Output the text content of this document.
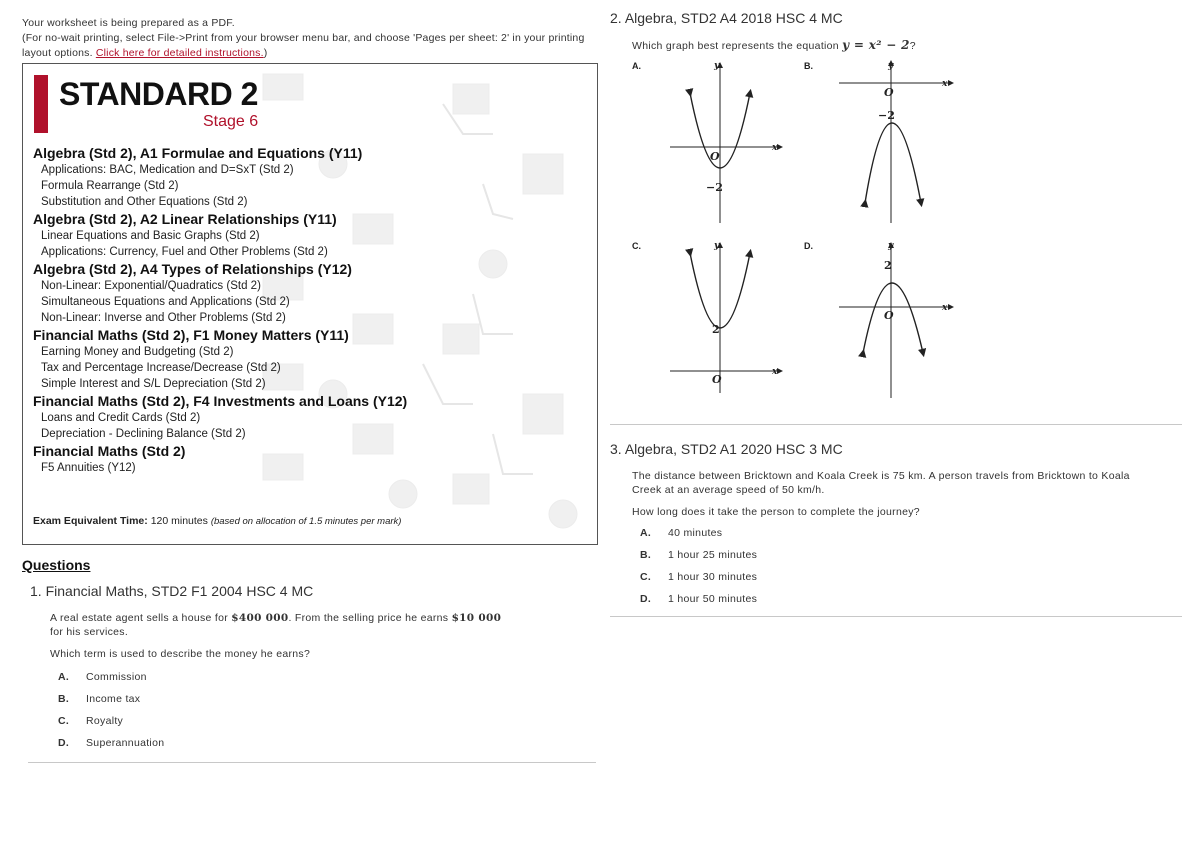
Your worksheet is being prepared as a PDF.
(For no-wait printing, select File->Print from your browser menu bar, and choose 'Pages per sheet: 2' in your printing layout options. Click here for detailed instructions.)
STANDARD 2
Stage 6
Algebra (Std 2), A1 Formulae and Equations (Y11)
Applications: BAC, Medication and D=SxT (Std 2)
Formula Rearrange (Std 2)
Substitution and Other Equations (Std 2)
Algebra (Std 2), A2 Linear Relationships (Y11)
Linear Equations and Basic Graphs (Std 2)
Applications: Currency, Fuel and Other Problems (Std 2)
Algebra (Std 2), A4 Types of Relationships (Y12)
Non-Linear: Exponential/Quadratics (Std 2)
Simultaneous Equations and Applications (Std 2)
Non-Linear: Inverse and Other Problems (Std 2)
Financial Maths (Std 2), F1 Money Matters (Y11)
Earning Money and Budgeting (Std 2)
Tax and Percentage Increase/Decrease (Std 2)
Simple Interest and S/L Depreciation (Std 2)
Financial Maths (Std 2), F4 Investments and Loans (Y12)
Loans and Credit Cards (Std 2)
Depreciation - Declining Balance (Std 2)
Financial Maths (Std 2)
F5 Annuities (Y12)
Exam Equivalent Time: 120 minutes (based on allocation of 1.5 minutes per mark)
Questions
1. Financial Maths, STD2 F1 2004 HSC 4 MC
A real estate agent sells a house for $400 000. From the selling price he earns $10 000
for his services.
Which term is used to describe the money he earns?
A.	Commission
B.	Income tax
C.	Royalty
D.	Superannuation
2. Algebra, STD2 A4 2018 HSC 4 MC
Which graph best represents the equation y = x² − 2?
A.	y
x
O
−2
B.	y
x
O
−2
C.	y
x
O
2
D.	y
x
O
2
3. Algebra, STD2 A1 2020 HSC 3 MC
The distance between Bricktown and Koala Creek is 75 km. A person travels from Bricktown to Koala Creek at an average speed of 50 km/h.
How long does it take the person to complete the journey?
A.	40 minutes
B.	1 hour 25 minutes
C.	1 hour 30 minutes
D.	1 hour 50 minutes
